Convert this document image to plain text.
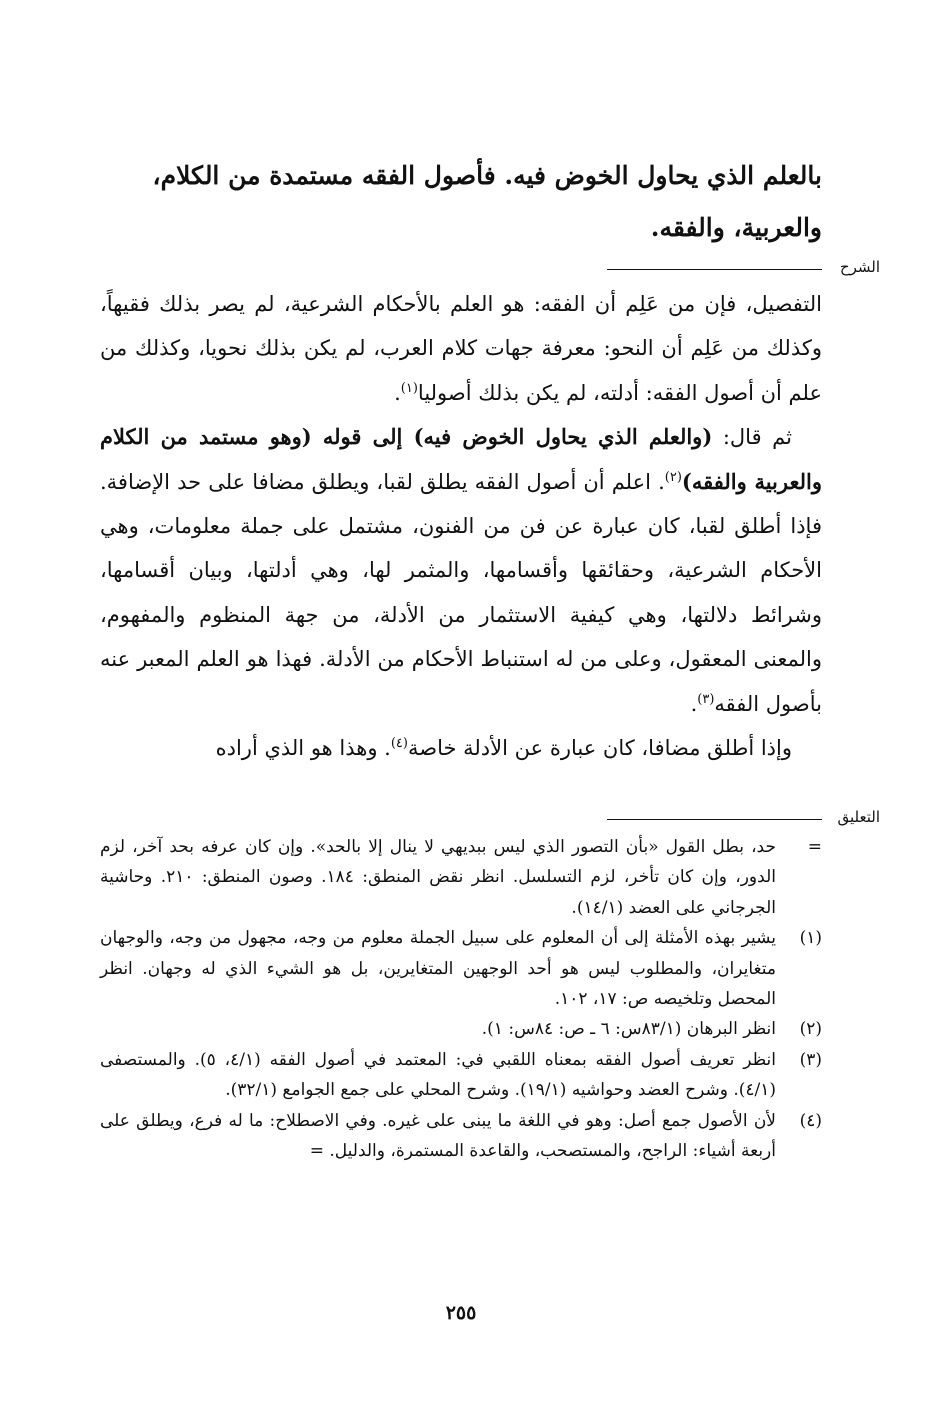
بالعلم الذي يحاول الخوض فيه. فأصول الفقه مستمدة من الكلام،

والعربية، والفقه.

الشرح

التفصيل، فإن من عَلِم أن الفقه: هو العلم بالأحكام الشرعية، لم يصر بذلك فقيهاً، وكذلك من عَلِم أن النحو: معرفة جهات كلام العرب، لم يكن بذلك نحويا، وكذلك من علم أن أصول الفقه: أدلته، لم يكن بذلك أصوليا$^{(١)}$.

ثم قال: (والعلم الذي يحاول الخوض فيه) إلى قوله (وهو مستمد من الكلام والعربية والفقه)$^{(٢)}$. اعلم أن أصول الفقه يطلق لقبا، ويطلق مضافا على حد الإضافة. فإذا أطلق لقبا، كان عبارة عن فن من الفنون، مشتمل على جملة معلومات، وهي الأحكام الشرعية، وحقائقها وأقسامها، والمثمر لها، وهي أدلتها، وبيان أقسامها، وشرائط دلالتها، وهي كيفية الاستثمار من الأدلة، من جهة المنظوم والمفهوم، والمعنى المعقول، وعلى من له استنباط الأحكام من الأدلة. فهذا هو العلم المعبر عنه بأصول الفقه$^{(٣)}$.

وإذا أطلق مضافا، كان عبارة عن الأدلة خاصة$^{(٤)}$. وهذا هو الذي أراده

التعليق

=
حد، بطل القول «بأن التصور الذي ليس ببديهي لا ينال إلا بالحد». وإن كان عرفه بحد آخر، لزم الدور، وإن كان تأخر، لزم التسلسل. انظر نقض المنطق: ١٨٤. وصون المنطق: ٢١٠. وحاشية الجرجاني على العضد (١٤/١).

(١)
يشير بهذه الأمثلة إلى أن المعلوم على سبيل الجملة معلوم من وجه، مجهول من وجه، والوجهان متغايران، والمطلوب ليس هو أحد الوجهين المتغايرين، بل هو الشيء الذي له وجهان. انظر المحصل وتلخيصه ص: ١٧، ١٠٢.

(٢)
انظر البرهان (٨٣/١س: ٦ ـ ص: ٨٤س: ١).

(٣)
انظر تعريف أصول الفقه بمعناه اللقبي في: المعتمد في أصول الفقه (٤/١، ٥). والمستصفى (٤/١). وشرح العضد وحواشيه (١٩/١). وشرح المحلي على جمع الجوامع (٣٢/١).

(٤)
لأن الأصول جمع أصل: وهو في اللغة ما يبنى على غيره. وفي الاصطلاح: ما له فرع، ويطلق على أربعة أشياء: الراجح، والمستصحب، والقاعدة المستمرة، والدليل. =

٢٥٥
